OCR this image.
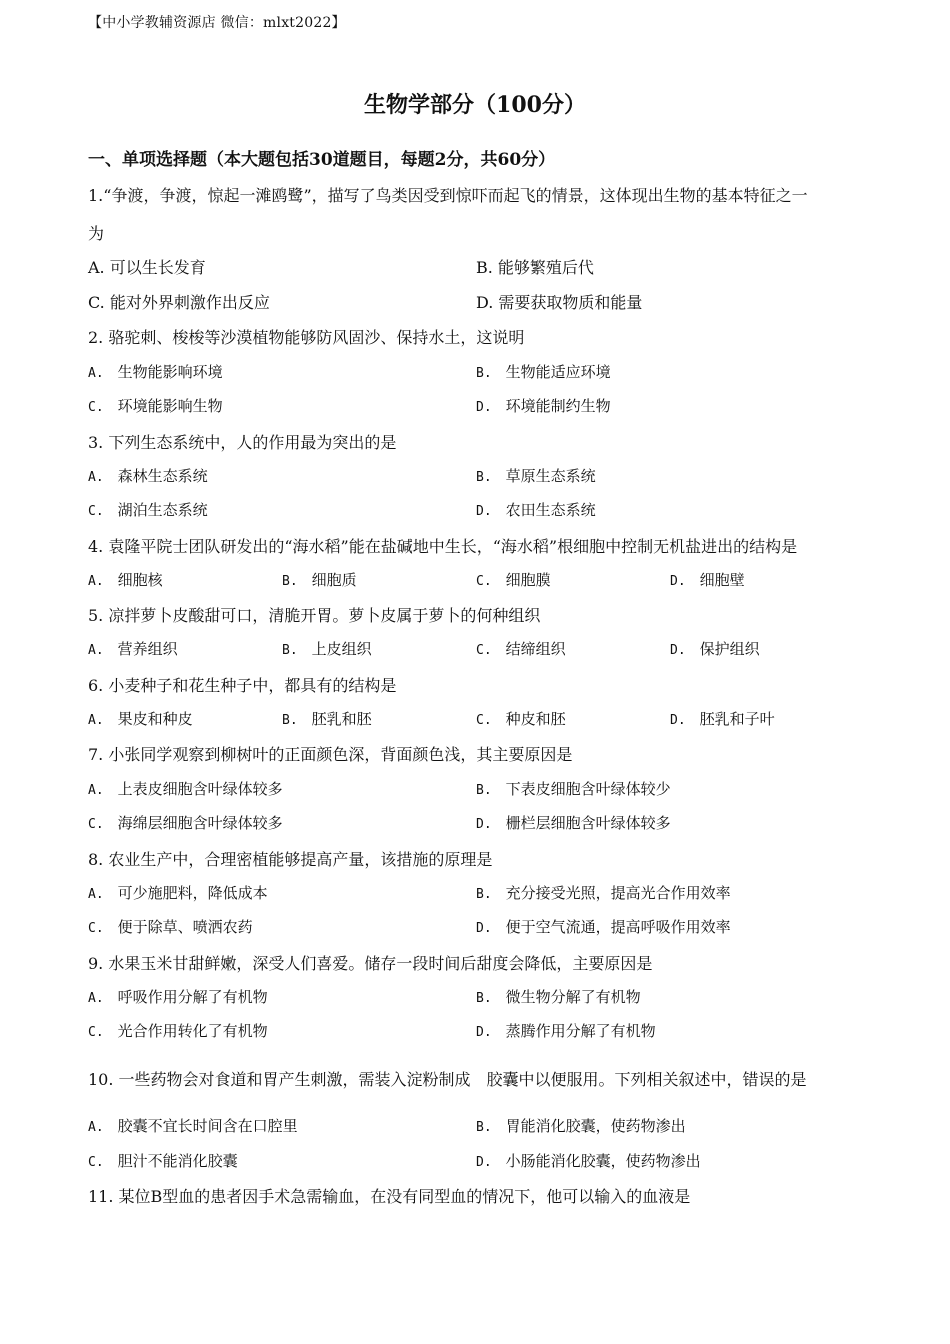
【中小学教辅资源店 微信：mlxt2022】
生物学部分（100分）
一、单项选择题（本大题包括30道题目，每题2分，共60分）
1.“争渡，争渡，惊起一滩鸥鹭”，描写了鸟类因受到惊吓而起飞的情景，这体现出生物的基本特征之一
为
A. 可以生长发育	B. 能够繁殖后代
C. 能对外界刺激作出反应	D. 需要获取物质和能量
2. 骆驼刺、梭梭等沙漠植物能够防风固沙、保持水土，这说明
A. 生物能影响环境	B. 生物能适应环境
C. 环境能影响生物	D. 环境能制约生物
3. 下列生态系统中，人的作用最为突出的是
A. 森林生态系统	B. 草原生态系统
C. 湖泊生态系统	D. 农田生态系统
4. 袁隆平院士团队研发出的“海水稻”能在盐碱地中生长，“海水稻”根细胞中控制无机盐进出的结构是
A. 细胞核	B. 细胞质	C. 细胞膜	D. 细胞壁
5. 凉拌萝卜皮酸甜可口，清脆开胃。萝卜皮属于萝卜的何种组织
A. 营养组织	B. 上皮组织	C. 结缔组织	D. 保护组织
6. 小麦种子和花生种子中，都具有的结构是
A. 果皮和种皮	B. 胚乳和胚	C. 种皮和胚	D. 胚乳和子叶
7. 小张同学观察到柳树叶的正面颜色深，背面颜色浅，其主要原因是
A. 上表皮细胞含叶绿体较多	B. 下表皮细胞含叶绿体较少
C. 海绵层细胞含叶绿体较多	D. 栅栏层细胞含叶绿体较多
8. 农业生产中，合理密植能够提高产量，该措施的原理是
A. 可少施肥料，降低成本	B. 充分接受光照，提高光合作用效率
C. 便于除草、喷洒农药	D. 便于空气流通，提高呼吸作用效率
9. 水果玉米甘甜鲜嫩，深受人们喜爱。储存一段时间后甜度会降低，主要原因是
A. 呼吸作用分解了有机物	B. 微生物分解了有机物
C. 光合作用转化了有机物	D. 蒸腾作用分解了有机物
10. 一些药物会对食道和胃产生刺激，需装入淀粉制成　胶囊中以便服用。下列相关叙述中，错误的是
A. 胶囊不宜长时间含在口腔里	B. 胃能消化胶囊，使药物渗出
C. 胆汁不能消化胶囊	D. 小肠能消化胶囊，使药物渗出
11. 某位B型血的患者因手术急需输血，在没有同型血的情况下，他可以输入的血液是
